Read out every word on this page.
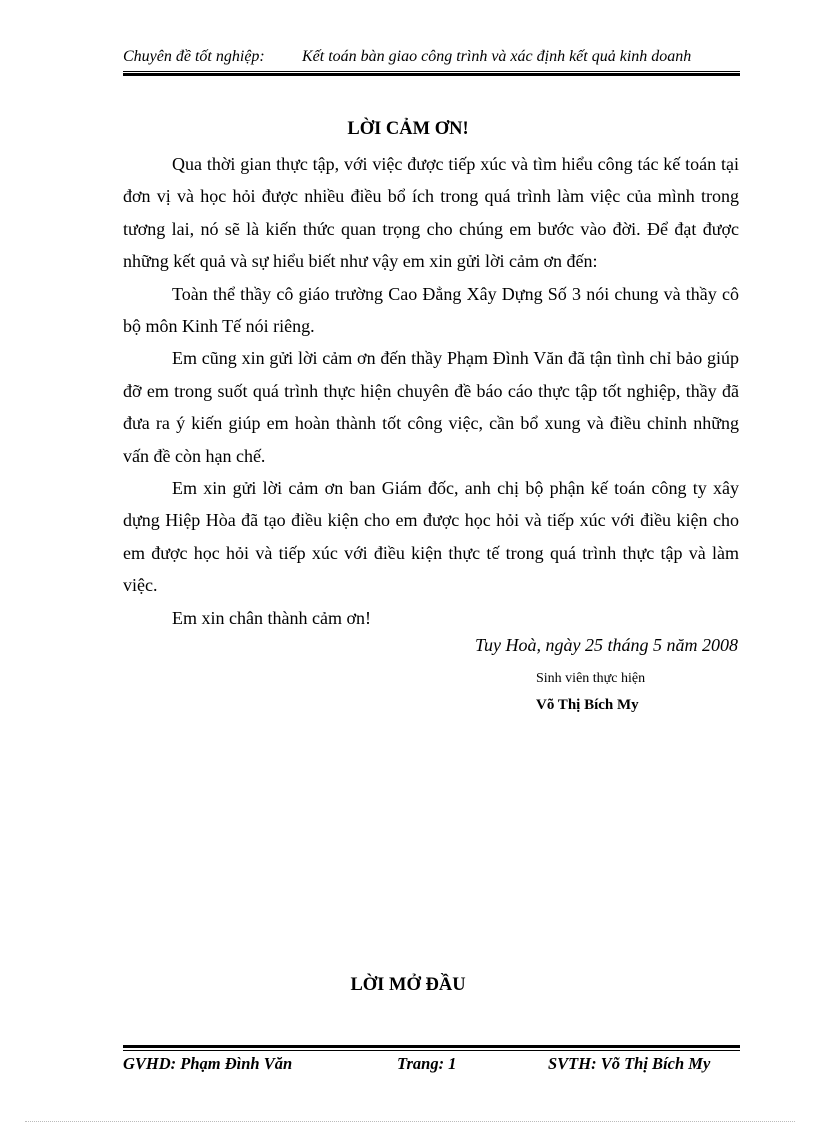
Chuyên đề tốt nghiệp: Kết toán bàn giao công trình và xác định kết quả kinh doanh
LỜI CẢM ƠN!

Qua thời gian thực tập, với việc được tiếp xúc và tìm hiểu công tác kế toán tại đơn vị và học hỏi được nhiều điều bổ ích trong quá trình làm việc của mình trong tương lai, nó sẽ là kiến thức quan trọng cho chúng em bước vào đời. Để đạt được những kết quả và sự hiểu biết như vậy em xin gửi lời cảm ơn đến:

Toàn thể thầy cô giáo trường Cao Đẳng Xây Dựng Số 3 nói chung và thầy cô bộ môn Kinh Tế nói riêng.

Em cũng xin gửi lời cảm ơn đến thầy Phạm Đình Văn đã tận tình chỉ bảo giúp đỡ em trong suốt quá trình thực hiện chuyên đề báo cáo thực tập tốt nghiệp, thầy đã đưa ra ý kiến giúp em hoàn thành tốt công việc, cần bổ xung và điều chỉnh những vấn đề còn hạn chế.

Em xin gửi lời cảm ơn ban Giám đốc, anh chị bộ phận kế toán công ty xây dựng Hiệp Hòa đã tạo điều kiện cho em được học hỏi và tiếp xúc với điều kiện cho em được học hỏi và tiếp xúc với điều kiện thực tế trong quá trình thực tập và làm việc.

Em xin chân thành cảm ơn!

Tuy Hoà, ngày 25 tháng 5 năm 2008
Sinh viên thực hiện
Võ Thị Bích My
LỜI MỞ ĐẦU
GVHD: Phạm Đình Văn	Trang: 1	SVTH: Võ Thị Bích My
